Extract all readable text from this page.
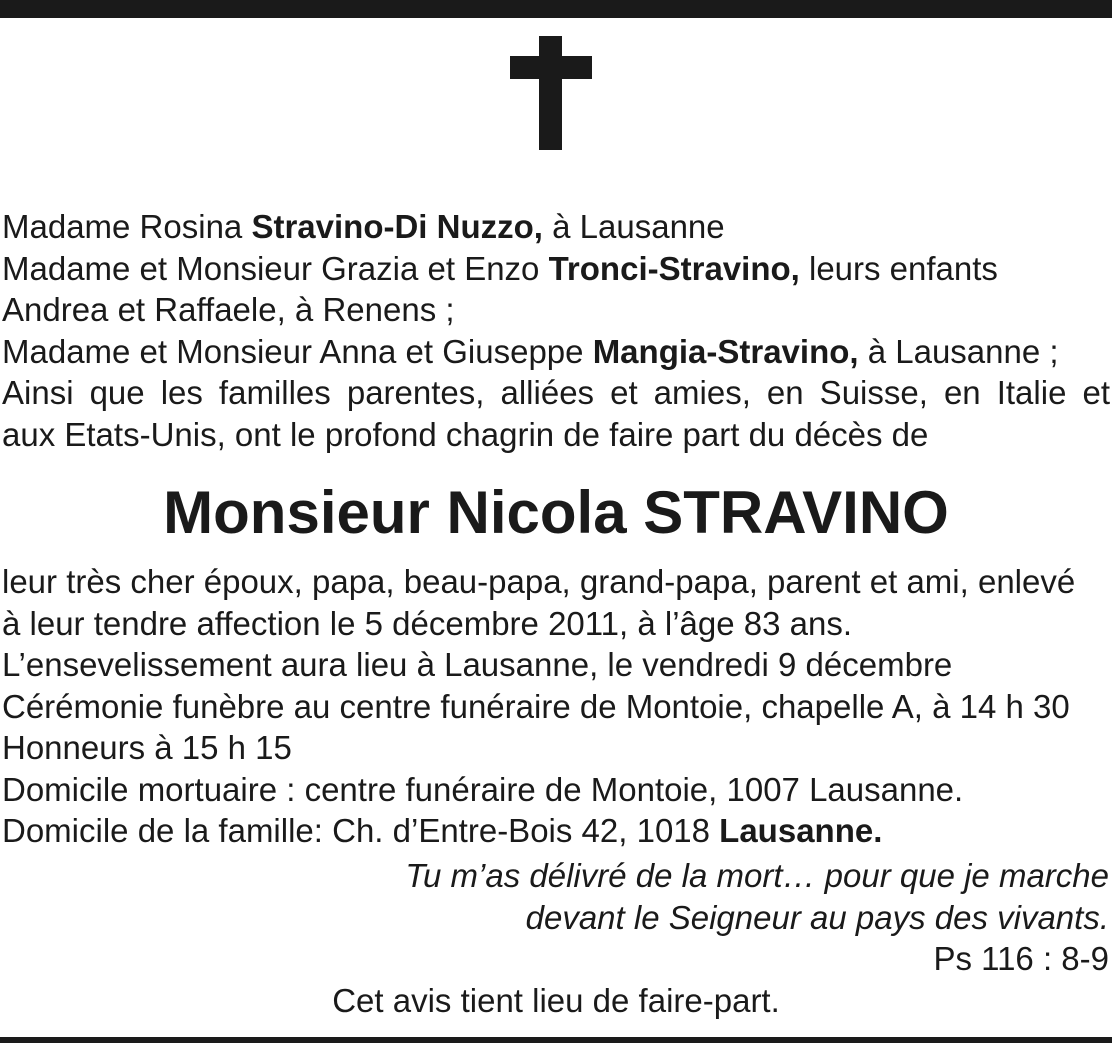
Madame Rosina Stravino-Di Nuzzo, à Lausanne
Madame et Monsieur Grazia et Enzo Tronci-Stravino, leurs enfants
Andrea et Raffaele, à Renens ;
Madame et Monsieur Anna et Giuseppe Mangia-Stravino, à Lausanne ;
Ainsi que les familles parentes, alliées et amies, en Suisse, en Italie et
aux Etats-Unis, ont le profond chagrin de faire part du décès de
Monsieur Nicola STRAVINO
leur très cher époux, papa, beau-papa, grand-papa, parent et ami, enlevé
à leur tendre affection le 5 décembre 2011, à l’âge 83 ans.
L’ensevelissement aura lieu à Lausanne, le vendredi 9 décembre
Cérémonie funèbre au centre funéraire de Montoie, chapelle A, à 14 h 30
Honneurs à 15 h 15
Domicile mortuaire : centre funéraire de Montoie, 1007 Lausanne.
Domicile de la famille: Ch. d’Entre-Bois 42, 1018 Lausanne.
Tu m’as délivré de la mort… pour que je marche
devant le Seigneur au pays des vivants.
Ps 116 : 8-9
Cet avis tient lieu de faire-part.
